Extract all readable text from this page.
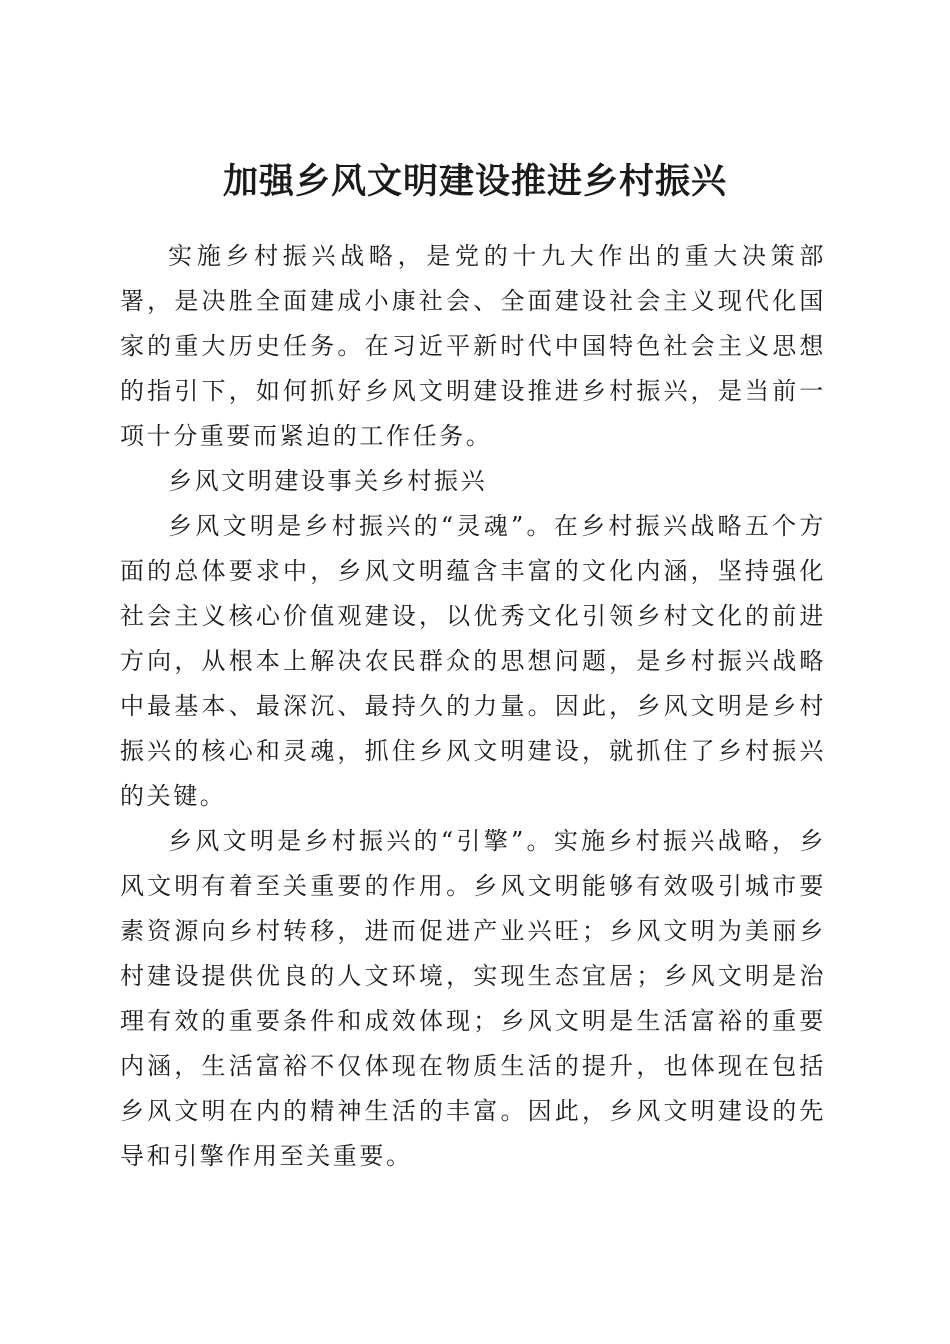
加强乡风文明建设推进乡村振兴

实施乡村振兴战略，是党的十九大作出的重大决策部署，是决胜全面建成小康社会、全面建设社会主义现代化国家的重大历史任务。在习近平新时代中国特色社会主义思想的指引下，如何抓好乡风文明建设推进乡村振兴，是当前一项十分重要而紧迫的工作任务。

乡风文明建设事关乡村振兴

乡风文明是乡村振兴的“灵魂”。在乡村振兴战略五个方面的总体要求中，乡风文明蕴含丰富的文化内涵，坚持强化社会主义核心价值观建设，以优秀文化引领乡村文化的前进方向，从根本上解决农民群众的思想问题，是乡村振兴战略中最基本、最深沉、最持久的力量。因此，乡风文明是乡村振兴的核心和灵魂，抓住乡风文明建设，就抓住了乡村振兴的关键。

乡风文明是乡村振兴的“引擎”。实施乡村振兴战略，乡风文明有着至关重要的作用。乡风文明能够有效吸引城市要素资源向乡村转移，进而促进产业兴旺；乡风文明为美丽乡村建设提供优良的人文环境，实现生态宜居；乡风文明是治理有效的重要条件和成效体现；乡风文明是生活富裕的重要内涵，生活富裕不仅体现在物质生活的提升，也体现在包括乡风文明在内的精神生活的丰富。因此，乡风文明建设的先导和引擎作用至关重要。
